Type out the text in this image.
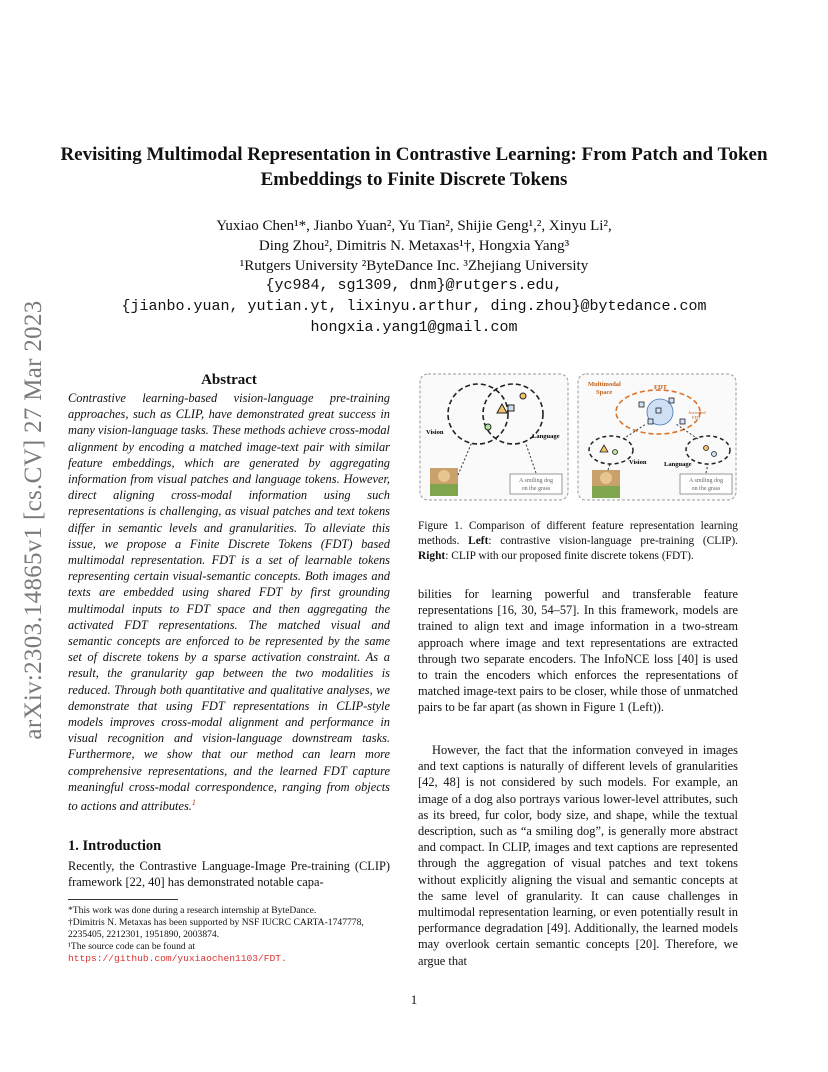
arXiv:2303.14865v1 [cs.CV] 27 Mar 2023
Revisiting Multimodal Representation in Contrastive Learning: From Patch and Token Embeddings to Finite Discrete Tokens
Yuxiao Chen¹*, Jianbo Yuan², Yu Tian², Shijie Geng¹,², Xinyu Li²,
Ding Zhou², Dimitris N. Metaxas¹†, Hongxia Yang³
¹Rutgers University ²ByteDance Inc. ³Zhejiang University
{yc984, sg1309, dnm}@rutgers.edu,
{jianbo.yuan, yutian.yt, lixinyu.arthur, ding.zhou}@bytedance.com
hongxia.yang1@gmail.com
Abstract
Contrastive learning-based vision-language pre-training approaches, such as CLIP, have demonstrated great success in many vision-language tasks. These methods achieve cross-modal alignment by encoding a matched image-text pair with similar feature embeddings, which are generated by aggregating information from visual patches and language tokens. However, direct aligning cross-modal information using such representations is challenging, as visual patches and text tokens differ in semantic levels and granularities. To alleviate this issue, we propose a Finite Discrete Tokens (FDT) based multimodal representation. FDT is a set of learnable tokens representing certain visual-semantic concepts. Both images and texts are embedded using shared FDT by first grounding multimodal inputs to FDT space and then aggregating the activated FDT representations. The matched visual and semantic concepts are enforced to be represented by the same set of discrete tokens by a sparse activation constraint. As a result, the granularity gap between the two modalities is reduced. Through both quantitative and qualitative analyses, we demonstrate that using FDT representations in CLIP-style models improves cross-modal alignment and performance in visual recognition and vision-language downstream tasks. Furthermore, we show that our method can learn more comprehensive representations, and the learned FDT capture meaningful cross-modal correspondence, ranging from objects to actions and attributes.$^1$
1. Introduction
Recently, the Contrastive Language-Image Pre-training (CLIP) framework [22, 40] has demonstrated notable capa-

*This work was done during a research internship at ByteDance.

†Dimitris N. Metaxas has been supported by NSF IUCRC CARTA-1747778, 2235405, 2212301, 1951890, 2003874.

¹The source code can be found at https://github.com/yuxiaochen1103/FDT.

Vision
Language
A smiling dog
on the grass
Multimodal
Space
FDT
Activated
FDT
Vision	Language
A smiling dog
on the grass
Figure 1. Comparison of different feature representation learning methods. Left: contrastive vision-language pre-training (CLIP). Right: CLIP with our proposed finite discrete tokens (FDT).
bilities for learning powerful and transferable feature representations [16, 30, 54–57]. In this framework, models are trained to align text and image information in a two-stream approach where image and text representations are extracted through two separate encoders. The InfoNCE loss [40] is used to train the encoders which enforces the representations of matched image-text pairs to be closer, while those of unmatched pairs to be far apart (as shown in Figure 1 (Left)).
However, the fact that the information conveyed in images and text captions is naturally of different levels of granularities [42, 48] is not considered by such models. For example, an image of a dog also portrays various lower-level attributes, such as its breed, fur color, body size, and shape, while the textual description, such as “a smiling dog”, is generally more abstract and compact. In CLIP, images and text captions are represented through the aggregation of visual patches and text tokens without explicitly aligning the visual and semantic concepts at the same level of granularity. It can cause challenges in multimodal representation learning, or even potentially result in performance degradation [49]. Additionally, the learned models may overlook certain semantic concepts [20]. Therefore, we argue that
1
